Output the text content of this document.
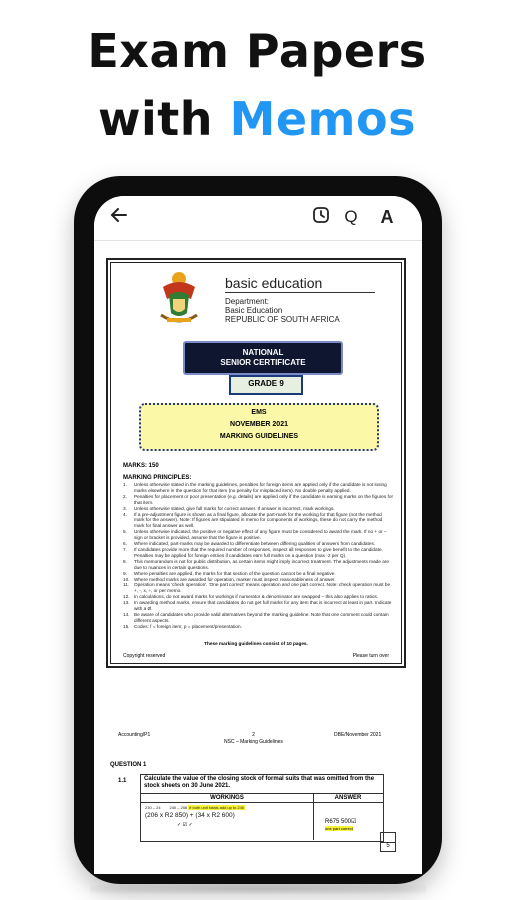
Exam Papers
with Memos
Q	A
basic education
Department:
Basic Education
REPUBLIC OF SOUTH AFRICA
NATIONAL
SENIOR CERTIFICATE
GRADE 9
EMS
NOVEMBER 2021
MARKING GUIDELINES
MARKS: 150
MARKING PRINCIPLES:
1. Unless otherwise stated in the marking guidelines, penalties for foreign items are applied only if the candidate is not losing marks elsewhere in the question for that item (no penalty for misplaced item). No double penalty applied.
2. Penalties for placement or poor presentation (e.g. details) are applied only if the candidate is earning marks on the figures for that item.
3. Unless otherwise stated, give full marks for correct answer. If answer is incorrect, mark workings.
4. If a pre-adjustment figure is shown as a final figure, allocate the part-mark for the working for that figure (not the method mark for the answer). Note: If figures are stipulated in memo for components of workings, these do not carry the method mark for final answer as well.
5. Unless otherwise indicated, the positive or negative effect of any figure must be considered to award the mark. If no + or – sign or bracket is provided, assume that the figure is positive.
6. Where indicated, part-marks may be awarded to differentiate between differing qualities of answers from candidates.
7. If candidates provide more that the required number of responses, inspect all responses to give benefit to the candidate. Penalties may be applied for foreign entries if candidates earn full marks on a question (max -2 per Q).
8. This memorandum is not for public distribution, as certain items might imply incorrect treatment. The adjustments made are due to nuances in certain questions.
9. Where penalties are applied, the marks for that section of the question cannot be a final negative.
10. Where method marks are awarded for operation, marker must inspect reasonableness of answer.
11. Operation means 'check operation'. 'One part correct' means operation and one part correct. Note: check operation must be +, -, x, ÷, or per memo.
12. In calculations, do not award marks for workings if numerator & denominator are swapped – this also applies to ratios.
13. In awarding method marks, ensure that candidates do not get full marks for any item that is incorrect at least in part. Indicate with a Ø.
14. Be aware of candidates who provide valid alternatives beyond the marking guideline. Note that one comment could contain different aspects.
15. Codes: f = foreign item; p = placement/presentation.
These marking guidelines consist of 10 pages.
Copyright reserved	Please turn over
Accounting/P1	2
NSC – Marking Guidelines
DBE/November 2021
QUESTION 1
1.1	Calculate the value of the closing stock of formal suits that was omitted from the stock sheets on 30 June 2021.
WORKINGS	ANSWER
230 – 24 240 – 206 if both unit totals add up to 240
(206 x R2 850) + (34 x R2 600)
✓ ☑ ✓	R675 500☑
one part correct
5
